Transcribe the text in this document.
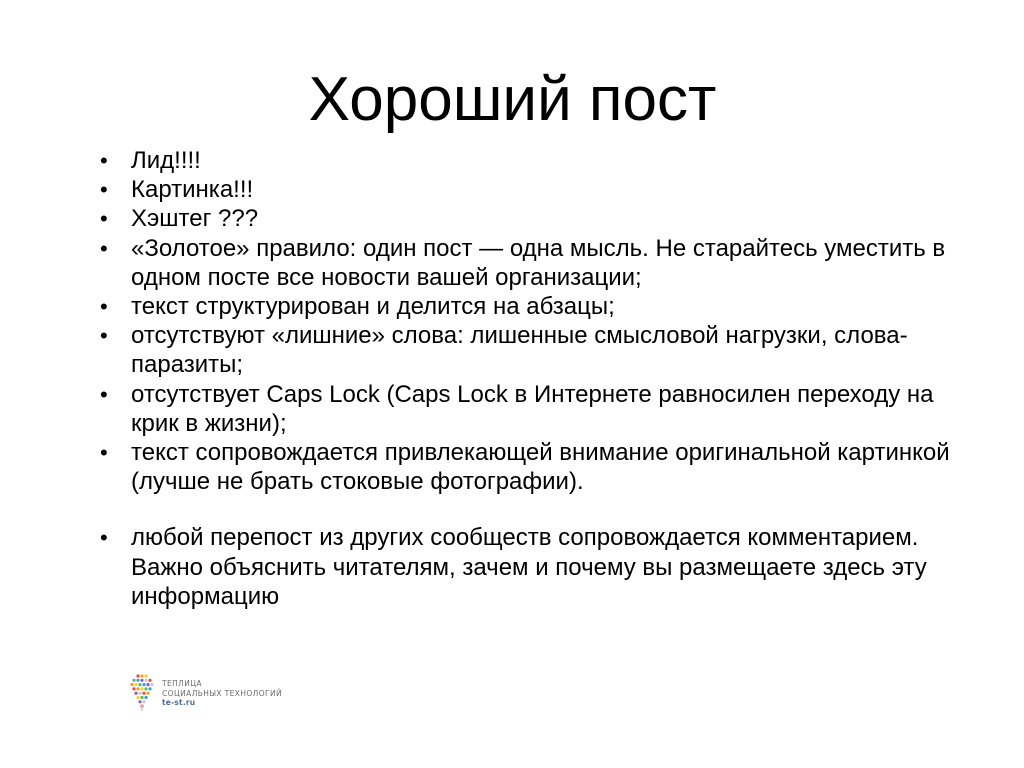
Хороший пост
• Лид!!!!
• Картинка!!!
• Хэштег ???
• «Золотое» правило: один пост — одна мысль. Не старайтесь уместить в одном посте все новости вашей организации;
• текст структурирован и делится на абзацы;
• отсутствуют «лишние» слова: лишенные смысловой нагрузки, слова-паразиты;
• отсутствует Caps Lock (Caps Lock в Интернете равносилен переходу на крик в жизни);
• текст сопровождается привлекающей внимание оригинальной картинкой (лучше не брать стоковые фотографии).
• любой перепост из других сообществ сопровождается комментарием. Важно объяснить читателям, зачем и почему вы размещаете здесь эту информацию
ТЕПЛИЦА
СОЦИАЛЬНЫХ ТЕХНОЛОГИЙ
te-st.ru
